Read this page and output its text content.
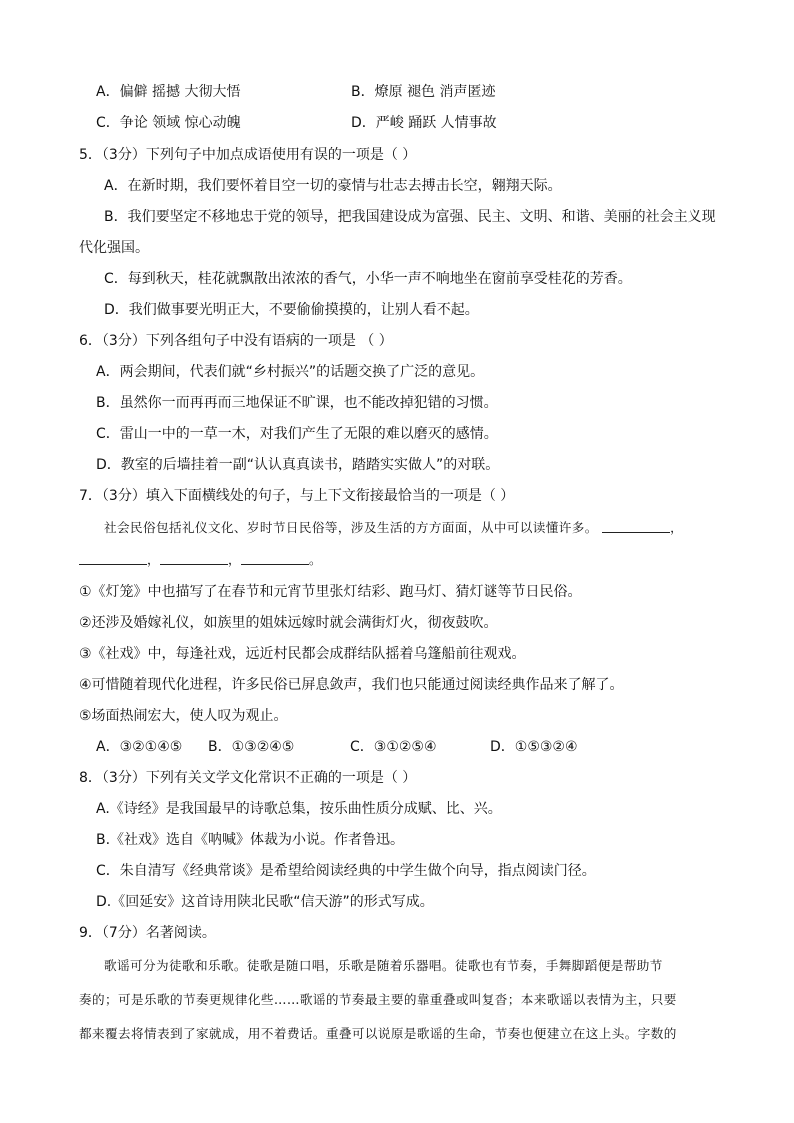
A．偏僻 摇撼 大彻大悟	B．燎原 褪色 消声匿迹
C．争论 领域 惊心动魄	D．严峻 踊跃 人情事故
5．（3分）下列句子中加点成语使用有误的一项是（ ）
A．在新时期，我们要怀着目空一切的豪情与壮志去搏击长空，翱翔天际。
B．我们要坚定不移地忠于党的领导，把我国建设成为富强、民主、文明、和谐、美丽的社会主义现
代化强国。
C．每到秋天，桂花就飘散出浓浓的香气，小华一声不响地坐在窗前享受桂花的芳香。
D．我们做事要光明正大，不要偷偷摸摸的，让别人看不起。
6．（3分）下列各组句子中没有语病的一项是 （ ）
A．两会期间，代表们就“乡村振兴”的话题交换了广泛的意见。
B．虽然你一而再再而三地保证不旷课，也不能改掉犯错的习惯。
C．雷山一中的一草一木，对我们产生了无限的难以磨灭的感情。
D．教室的后墙挂着一副“认认真真读书，踏踏实实做人”的对联。
7．（3分）填入下面横线处的句子，与上下文衔接最恰当的一项是（ ）
社会民俗包括礼仪文化、岁时节日民俗等，涉及生活的方方面面，从中可以读懂许多。	，
，	，	。
①《灯笼》中也描写了在春节和元宵节里张灯结彩、跑马灯、猜灯谜等节日民俗。
②还涉及婚嫁礼仪，如族里的姐妹远嫁时就会满街灯火，彻夜鼓吹。
③《社戏》中，每逢社戏，远近村民都会成群结队摇着乌篷船前往观戏。
④可惜随着现代化进程，许多民俗已屏息敛声，我们也只能通过阅读经典作品来了解了。
⑤场面热闹宏大，使人叹为观止。
A．③②①④⑤ B．①③②④⑤	C．③①②⑤④	D．①⑤③②④
8．（3分）下列有关文学文化常识不正确的一项是（ ）
A.《诗经》是我国最早的诗歌总集，按乐曲性质分成赋、比、兴。
B.《社戏》选自《呐喊》体裁为小说。作者鲁迅。
C．朱自清写《经典常谈》是希望给阅读经典的中学生做个向导，指点阅读门径。
D.《回延安》这首诗用陕北民歌“信天游”的形式写成。
9．（7分）名著阅读。
歌谣可分为徒歌和乐歌。徒歌是随口唱，乐歌是随着乐器唱。徒歌也有节奏，手舞脚蹈便是帮助节
奏的；可是乐歌的节奏更规律化些……歌谣的节奏最主要的靠重叠或叫复沓；本来歌谣以表情为主，只要
都来覆去将情表到了家就成，用不着费话。重叠可以说原是歌谣的生命，节奏也便建立在这上头。字数的
